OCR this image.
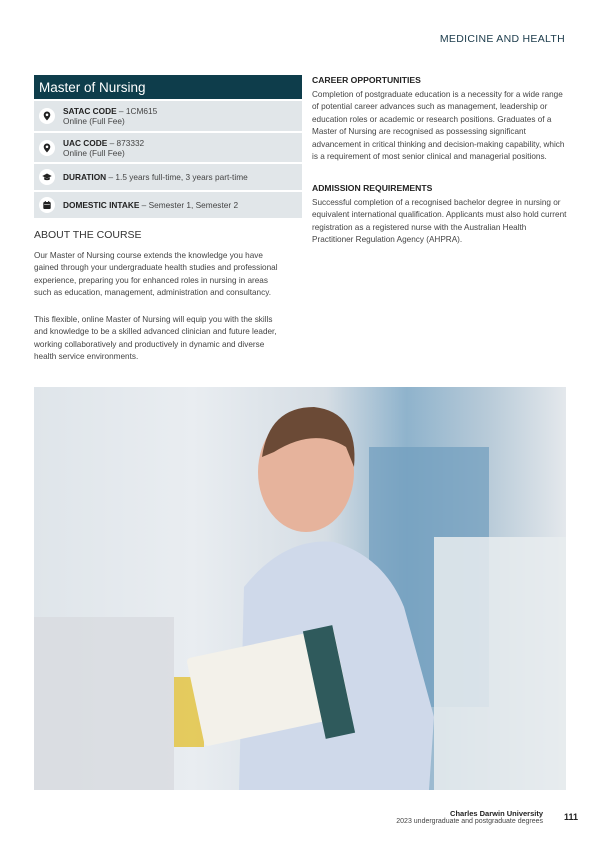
MEDICINE AND HEALTH
Master of Nursing
SATAC CODE – 1CM615
Online (Full Fee)
UAC CODE – 873332
Online (Full Fee)
DURATION – 1.5 years full-time, 3 years part-time
DOMESTIC INTAKE – Semester 1, Semester 2
ABOUT THE COURSE

Our Master of Nursing course extends the knowledge you have gained through your undergraduate health studies and professional experience, preparing you for enhanced roles in nursing in areas such as education, management, administration and consultancy.

This flexible, online Master of Nursing will equip you with the skills and knowledge to be a skilled advanced clinician and future leader, working collaboratively and productively in dynamic and diverse health service environments.

CAREER OPPORTUNITIES

Completion of postgraduate education is a necessity for a wide range of potential career advances such as management, leadership or education roles or academic or research positions. Graduates of a Master of Nursing are recognised as possessing significant advancement in critical thinking and decision-making capability, which is a requirement of most senior clinical and managerial positions.

ADMISSION REQUIREMENTS

Successful completion of a recognised bachelor degree in nursing or equivalent international qualification. Applicants must also hold current registration as a registered nurse with the Australian Health Practitioner Regulation Agency (AHPRA).

Charles Darwin University
2023 undergraduate and postgraduate degrees 111
